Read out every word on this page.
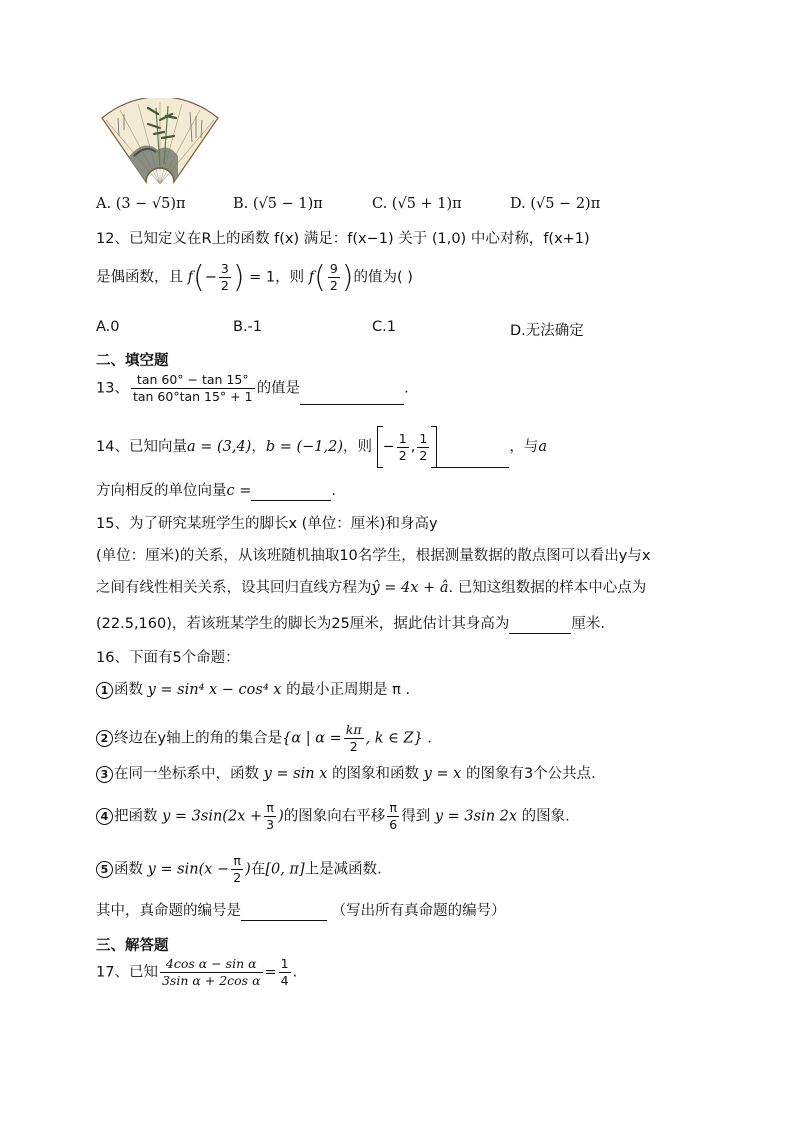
A. (3 − √5)π	B. (√5 − 1)π	C. (√5 + 1)π	D. (√5 − 2)π
12、已知定义在R上的函数 f(x) 满足：f(x−1) 关于 (1,0) 中心对称，f(x+1)
是偶函数，且 $f(- \frac{3}{2}$ ) = 1，则 $f( \frac{9}{2}$ )的值为( )
A.0	B.-1	C.1	D.无法确定
二、填空题
13、 $\frac{\tan 60^\circ - \tan 15^\circ}{\tan 60^\circ\tan 15^\circ + 1}$ 的值是	.
14、已知向量a = (3,4)，b = (−1,2)，则 − $\frac{1}{2}$ , $\frac{1}{2}$	，与a
方向相反的单位向量c =	.
15、为了研究某班学生的脚长x (单位：厘米)和身高y
(单位：厘米)的关系，从该班随机抽取10名学生，根据测量数据的散点图可以看出y与x
之间有线性相关关系，设其回归直线方程为ŷ = 4x + â. 已知这组数据的样本中心点为
(22.5,160)，若该班某学生的脚长为25厘米，据此估计其身高为	厘米.
16、下面有5个命题：
1 函数 y = sin⁴ x − cos⁴ x 的最小正周期是 π .
2 终边在y轴上的角的集合是{α | $\alpha = \frac{k\pi}{2}$ , k ∈ Z} .
3 在同一坐标系中，函数 y = sin x 的图象和函数 y = x 的图象有3个公共点.
4 把函数 $y = 3\sin(2x + \frac{\pi}{3}$ )的图象向右平移 $\frac{\pi}{6}$ 得到 y = 3sin 2x 的图象.
5 函数 $y = \sin(x - \frac{\pi}{2}$ )在[0, π]上是减函数.
其中，真命题的编号是	（写出所有真命题的编号）
三、解答题
17、已知 $\frac{\text{4cos α − sin α}}{\text{3sin α + 2cos α}} = \frac{1}{4}$ .
